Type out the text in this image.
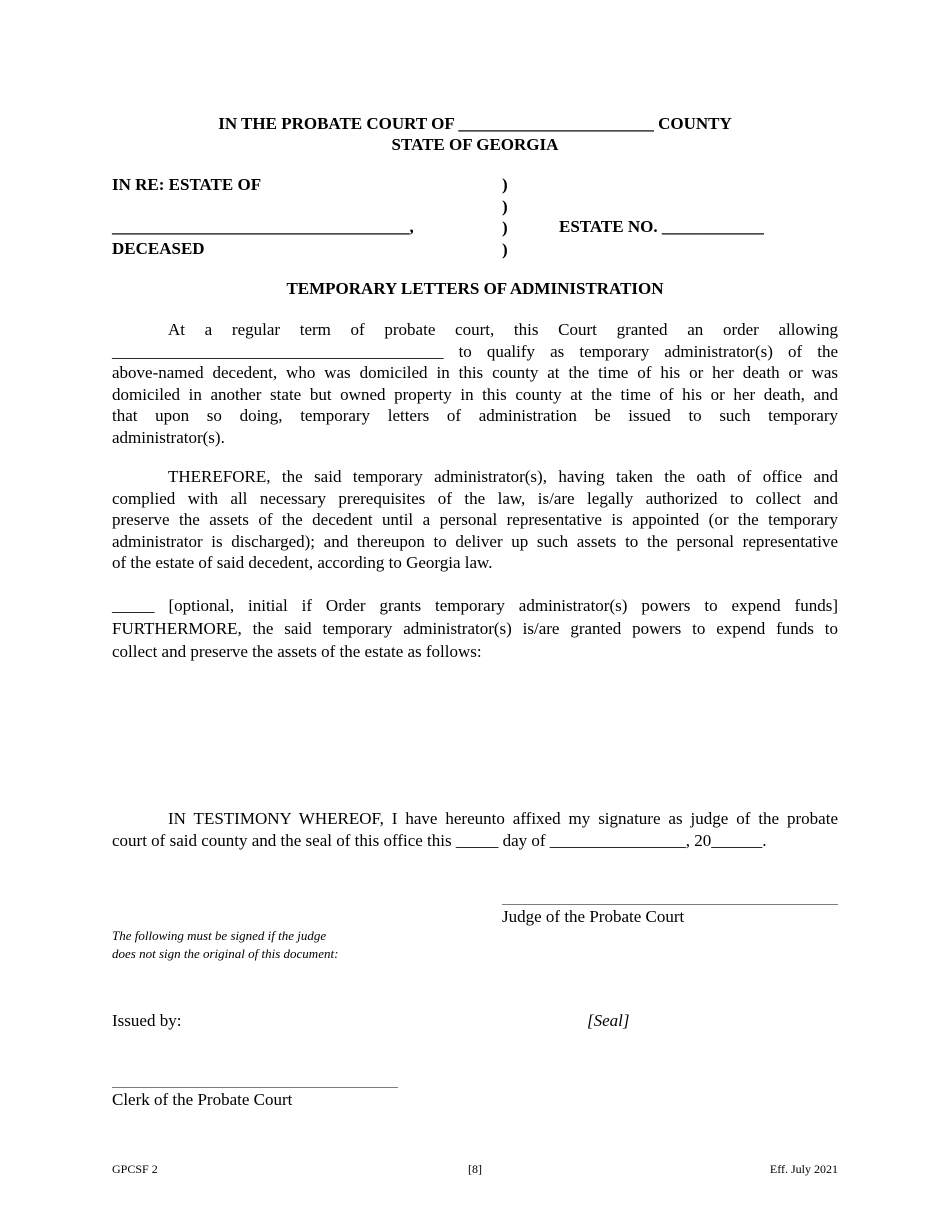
IN THE PROBATE COURT OF _______________________ COUNTY
STATE OF GEORGIA
IN RE: ESTATE OF
___________________________________,
DECEASED
)
)
)
)
ESTATE NO. ____________
TEMPORARY LETTERS OF ADMINISTRATION
At a regular term of probate court, this Court granted an order allowing
_______________________________________ to qualify as temporary administrator(s) of the
above-named decedent, who was domiciled in this county at the time of his or her death or was
domiciled in another state but owned property in this county at the time of his or her death, and
that upon so doing, temporary letters of administration be issued to such temporary
administrator(s).
THEREFORE, the said temporary administrator(s), having taken the oath of office and
complied with all necessary prerequisites of the law, is/are legally authorized to collect and
preserve the assets of the decedent until a personal representative is appointed (or the temporary
administrator is discharged); and thereupon to deliver up such assets to the personal representative
of the estate of said decedent, according to Georgia law.
_____ [optional, initial if Order grants temporary administrator(s) powers to expend funds]
FURTHERMORE, the said temporary administrator(s) is/are granted powers to expend funds to
collect and preserve the assets of the estate as follows:
IN TESTIMONY WHEREOF, I have hereunto affixed my signature as judge of the probate
court of said county and the seal of this office this _____ day of ________________, 20______.
Judge of the Probate Court
The following must be signed if the judge
does not sign the original of this document:
Issued by:	[Seal]
Clerk of the Probate Court
GPCSF 2	[8]	Eff. July 2021
